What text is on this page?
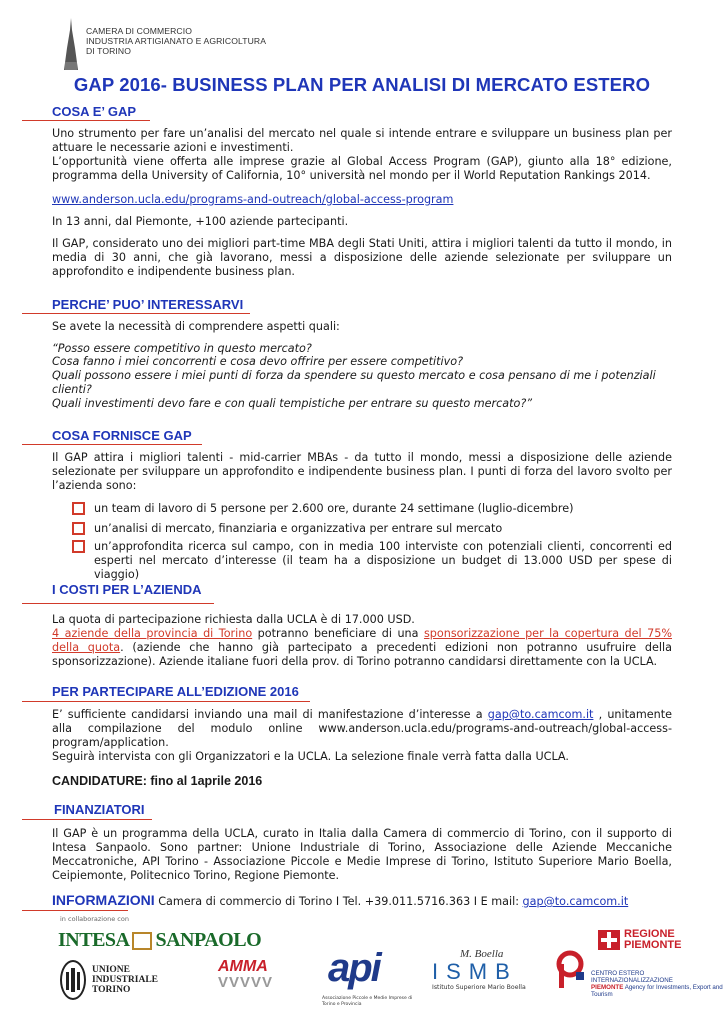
CAMERA DI COMMERCIO
INDUSTRIA ARTIGIANATO E AGRICOLTURA
DI TORINO
GAP 2016- BUSINESS PLAN PER ANALISI DI MERCATO ESTERO
COSA E’ GAP
Uno strumento per fare un’analisi del mercato nel quale si intende entrare e sviluppare un business plan per attuare le necessarie azioni e investimenti.
L’opportunità viene offerta alle imprese grazie al Global Access Program (GAP), giunto alla 18° edizione, programma della University of California, 10° università nel mondo per il World Reputation Rankings 2014.
www.anderson.ucla.edu/programs-and-outreach/global-access-program
In 13 anni, dal Piemonte, +100 aziende partecipanti.
Il GAP, considerato uno dei migliori part-time MBA degli Stati Uniti, attira i migliori talenti da tutto il mondo, in media di 30 anni, che già lavorano, messi a disposizione delle aziende selezionate per sviluppare un approfondito e indipendente business plan.
PERCHE’ PUO’ INTERESSARVI
Se avete la necessità di comprendere aspetti quali:
“Posso essere competitivo in questo mercato?
Cosa fanno i miei concorrenti e cosa devo offrire per essere competitivo?
Quali possono essere i miei punti di forza da spendere su questo mercato e cosa pensano di me i potenziali clienti?
Quali investimenti devo fare e con quali tempistiche per entrare su questo mercato?”
COSA FORNISCE GAP
Il GAP attira i migliori talenti - mid-carrier MBAs - da tutto il mondo, messi a disposizione delle aziende selezionate per sviluppare un approfondito e indipendente business plan. I punti di forza del lavoro svolto per l’azienda sono:
un team di lavoro di 5 persone per 2.600 ore, durante 24 settimane (luglio-dicembre)
un’analisi di mercato, finanziaria e organizzativa per entrare sul mercato
un’approfondita ricerca sul campo, con in media 100 interviste con potenziali clienti, concorrenti ed esperti nel mercato d’interesse (il team ha a disposizione un budget di 13.000 USD per spese di viaggio)
I COSTI PER L’AZIENDA
La quota di partecipazione richiesta dalla UCLA è di 17.000 USD.
4 aziende della provincia di Torino potranno beneficiare di una sponsorizzazione per la copertura del 75% della quota. (aziende che hanno già partecipato a precedenti edizioni non potranno usufruire della sponsorizzazione). Aziende italiane fuori della prov. di Torino potranno candidarsi direttamente con la UCLA.
PER PARTECIPARE ALL’EDIZIONE 2016
E’ sufficiente candidarsi inviando una mail di manifestazione d’interesse a gap@to.camcom.it , unitamente alla compilazione del modulo online www.anderson.ucla.edu/programs-and-outreach/global-access-program/application.
Seguirà intervista con gli Organizzatori e la UCLA. La selezione finale verrà fatta dalla UCLA.
CANDIDATURE: fino al 1aprile 2016
FINANZIATORI
Il GAP è un programma della UCLA, curato in Italia dalla Camera di commercio di Torino, con il supporto di Intesa Sanpaolo. Sono partner: Unione Industriale di Torino, Associazione delle Aziende Meccaniche Meccatroniche, API Torino - Associazione Piccole e Medie Imprese di Torino, Istituto Superiore Mario Boella, Ceipiemonte, Politecnico Torino, Regione Piemonte.
INFORMAZIONI Camera di commercio di Torino I Tel. +39.011.5716.363 I E mail: gap@to.camcom.it
in collaborazione con
INTESA SANPAOLO	REGIONE
PIEMONTE
UNIONE
INDUSTRIALE
TORINO
AMMA
VVVVV api
Associazione Piccole e Medie Imprese di Torino e Provincia
M. Boella
ISMB
Istituto Superiore Mario Boella
CENTRO ESTERO INTERNAZIONALIZZAZIONE
PIEMONTE Agency for Investments, Export and Tourism
